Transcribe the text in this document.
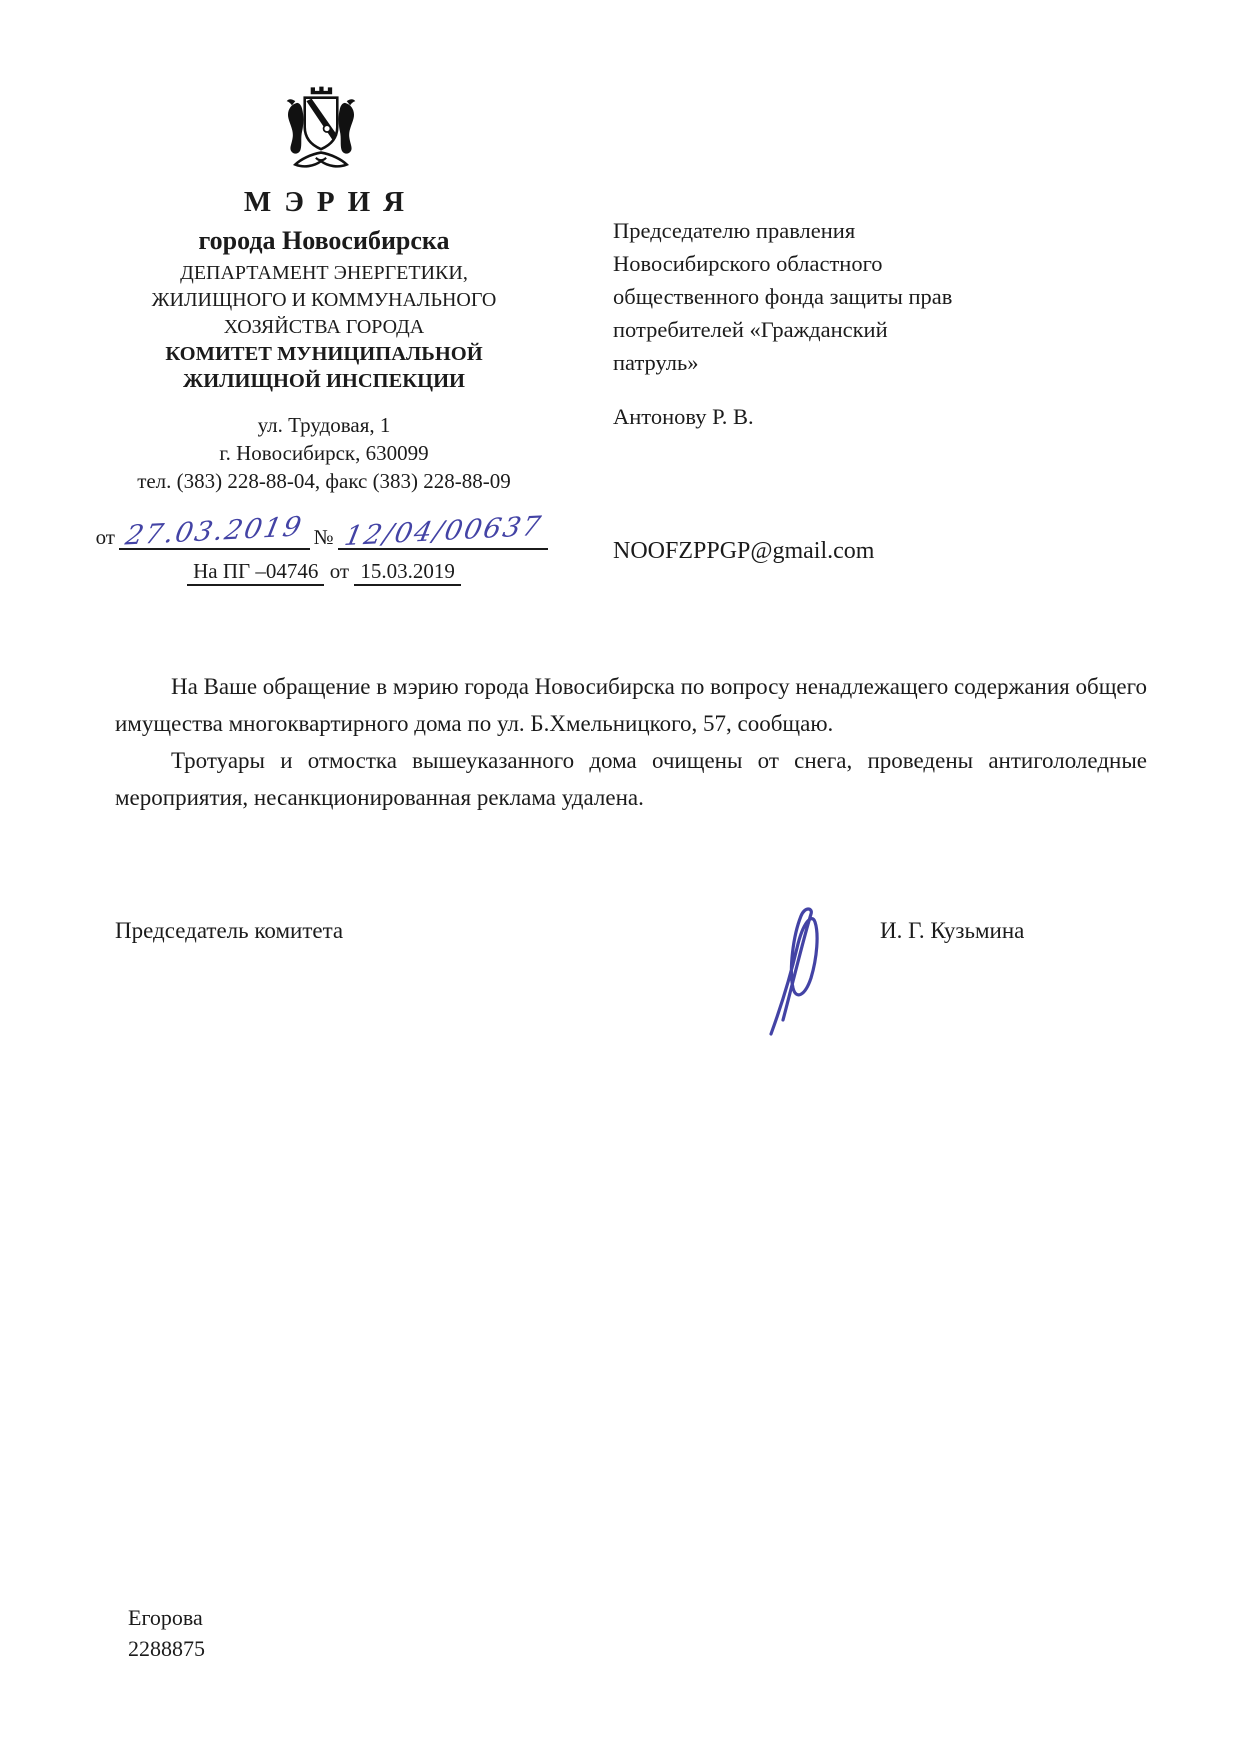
МЭРИЯ
города Новосибирска
ДЕПАРТАМЕНТ ЭНЕРГЕТИКИ,
ЖИЛИЩНОГО И КОММУНАЛЬНОГО
ХОЗЯЙСТВА ГОРОДА
КОМИТЕТ МУНИЦИПАЛЬНОЙ
ЖИЛИЩНОЙ ИНСПЕКЦИИ
ул. Трудовая, 1
г. Новосибирск, 630099
тел. (383) 228-88-04, факс (383) 228-88-09
от 27.03.2019 № 12/04/00637
На ПГ –04746 от 15.03.2019
Председателю правления
Новосибирского областного
общественного фонда защиты прав
потребителей «Гражданский
патруль»
Антонову Р. В.
NOOFZPPGP@gmail.com

На Ваше обращение в мэрию города Новосибирска по вопросу ненадлежащего содержания общего имущества многоквартирного дома по ул. Б.Хмельницкого, 57, сообщаю.

Тротуары и отмостка вышеуказанного дома очищены от снега, проведены антигололедные мероприятия, несанкционированная реклама удалена.

Председатель комитета	И. Г. Кузьмина
Егорова
2288875
